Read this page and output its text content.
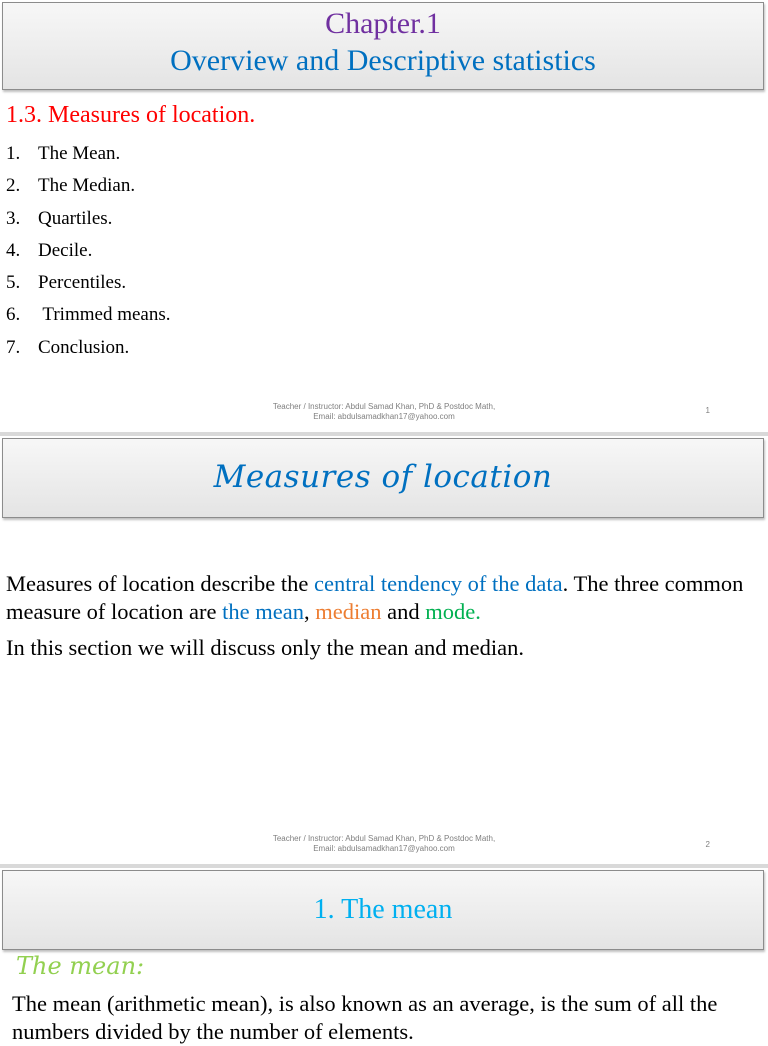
Chapter.1
Overview and Descriptive statistics
1.3. Measures of location.
1. The Mean.
2. The Median.
3. Quartiles.
4. Decile.
5. Percentiles.
6. Trimmed means.
7. Conclusion.
Teacher / Instructor: Abdul Samad Khan, PhD & Postdoc Math,
Email: abdulsamadkhan17@yahoo.com
1
Measures of location
Measures of location describe the central tendency of the data. The three common measure of location are the mean, median and mode.
In this section we will discuss only the mean and median.
Teacher / Instructor: Abdul Samad Khan, PhD & Postdoc Math,
Email: abdulsamadkhan17@yahoo.com	2
1. The mean
The mean:
The mean (arithmetic mean), is also known as an average, is the sum of all the numbers divided by the number of elements.
